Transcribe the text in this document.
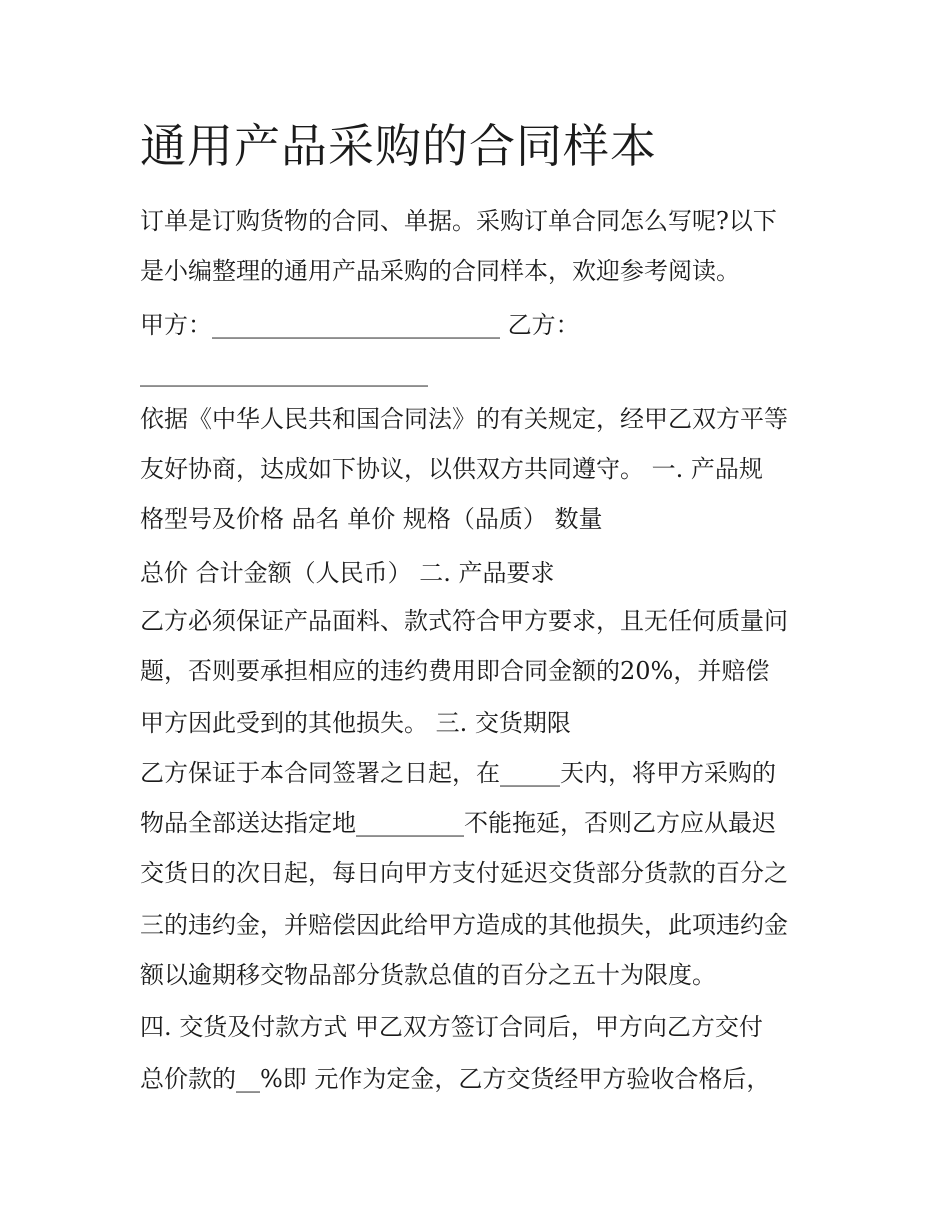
通用产品采购的合同样本
订单是订购货物的合同、单据。采购订单合同怎么写呢?以下
是小编整理的通用产品采购的合同样本，欢迎参考阅读。
甲方：________________________ 乙方：
________________________
依据《中华人民共和国合同法》的有关规定，经甲乙双方平等
友好协商，达成如下协议，以供双方共同遵守。 一. 产品规
格型号及价格 品名 单价 规格（品质） 数量
总价 合计金额（人民币） 二. 产品要求
乙方必须保证产品面料、款式符合甲方要求，且无任何质量问
题，否则要承担相应的违约费用即合同金额的20%，并赔偿
甲方因此受到的其他损失。 三. 交货期限
乙方保证于本合同签署之日起，在_____天内，将甲方采购的
物品全部送达指定地_________不能拖延，否则乙方应从最迟
交货日的次日起，每日向甲方支付延迟交货部分货款的百分之
三的违约金，并赔偿因此给甲方造成的其他损失，此项违约金
额以逾期移交物品部分货款总值的百分之五十为限度。
四. 交货及付款方式 甲乙双方签订合同后，甲方向乙方交付
总价款的__%即 元作为定金，乙方交货经甲方验收合格后，
